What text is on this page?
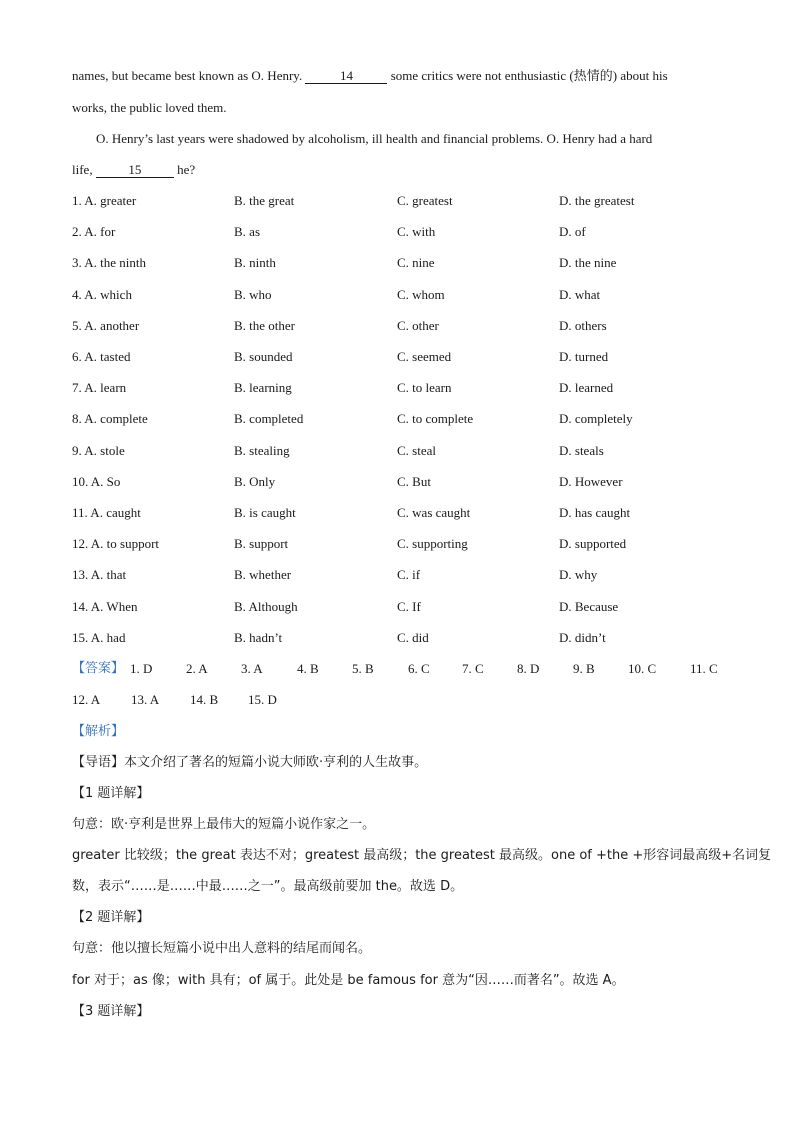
names, but became best known as O. Henry.	14	some critics were not enthusiastic (热情的) about his
works, the public loved them.
O. Henry’s last years were shadowed by alcoholism, ill health and financial problems. O. Henry had a hard
life,	15	he?
1. A. greater	B. the great	C. greatest	D. the greatest
2. A. for	B. as	C. with	D. of
3. A. the ninth	B. ninth	C. nine	D. the nine
4. A. which	B. who	C. whom	D. what
5. A. another	B. the other	C. other	D. others
6. A. tasted	B. sounded	C. seemed	D. turned
7. A. learn	B. learning	C. to learn	D. learned
8. A. complete	B. completed	C. to complete	D. completely
9. A. stole	B. stealing	C. steal	D. steals
10. A. So	B. Only	C. But	D. However
11. A. caught	B. is caught	C. was caught	D. has caught
12. A. to support	B. support	C. supporting	D. supported
13. A. that	B. whether	C. if	D. why
14. A. When	B. Although	C. If	D. Because
15. A. had	B. hadn’t	C. did	D. didn’t
【答案】 1. D	2. A	3. A	4. B	5. B	6. C 7. C	8. D	9. B	10. C	11. C
12. A 13. A 14. B 15. D
【解析】
【导语】本文介绍了著名的短篇小说大师欧·亨利的人生故事。
【1 题详解】
句意：欧·亨利是世界上最伟大的短篇小说作家之一。
greater 比较级；the great 表达不对；greatest 最高级；the greatest 最高级。one of +the +形容词最高级+名词复
数，表示“……是……中最……之一”。最高级前要加 the。故选 D。
【2 题详解】
句意：他以擅长短篇小说中出人意料的结尾而闻名。
for 对于；as 像；with 具有；of 属于。此处是 be famous for 意为“因……而著名”。故选 A。
【3 题详解】
